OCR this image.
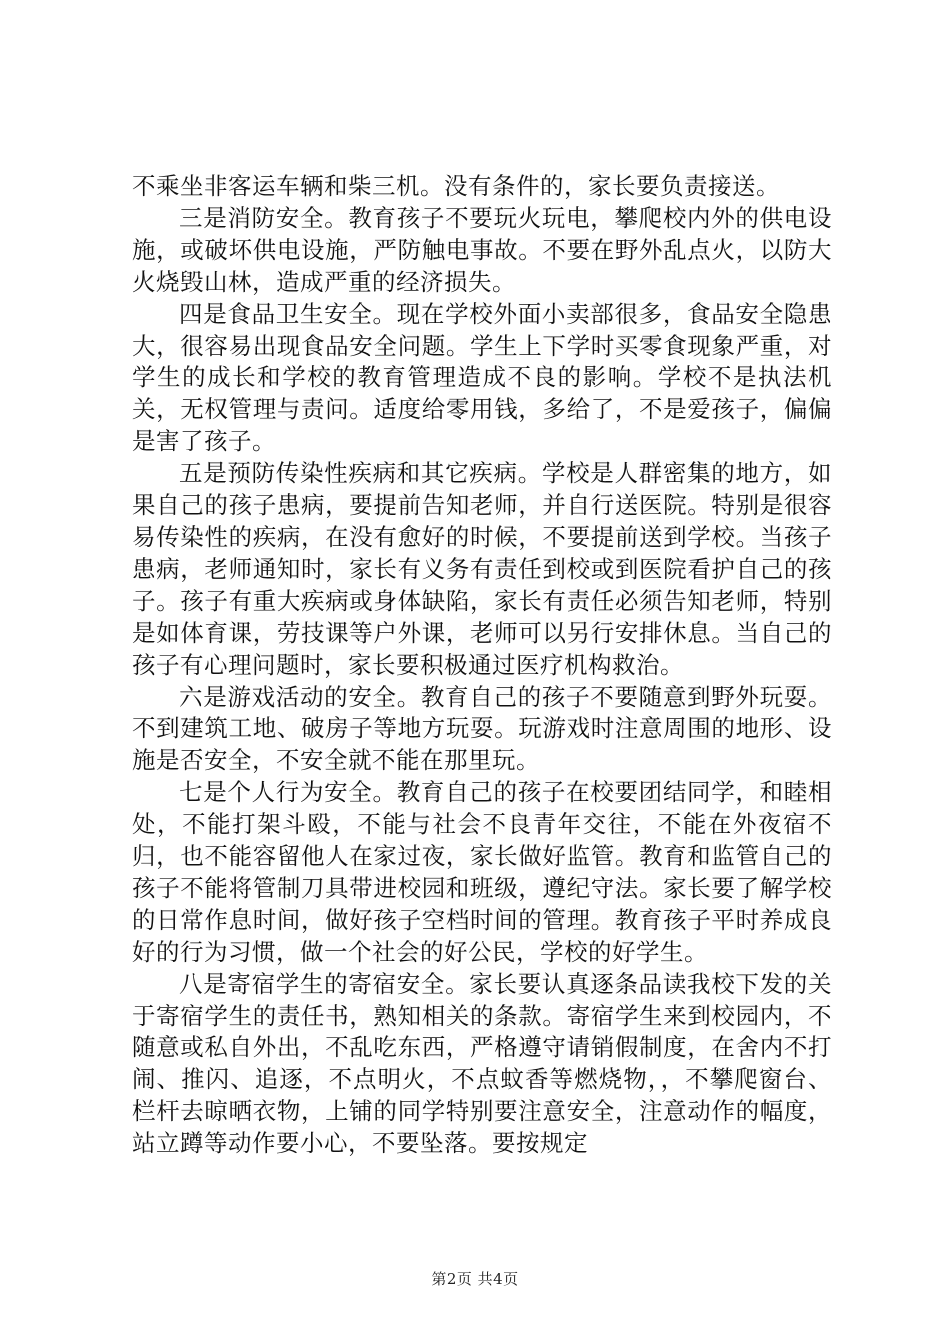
不乘坐非客运车辆和柴三机。没有条件的，家长要负责接送。

三是消防安全。教育孩子不要玩火玩电，攀爬校内外的供电设施，或破坏供电设施，严防触电事故。不要在野外乱点火，以防大火烧毁山林，造成严重的经济损失。

四是食品卫生安全。现在学校外面小卖部很多，食品安全隐患大，很容易出现食品安全问题。学生上下学时买零食现象严重，对学生的成长和学校的教育管理造成不良的影响。学校不是执法机关，无权管理与责问。适度给零用钱，多给了，不是爱孩子，偏偏是害了孩子。

五是预防传染性疾病和其它疾病。学校是人群密集的地方，如果自己的孩子患病，要提前告知老师，并自行送医院。特别是很容易传染性的疾病，在没有愈好的时候，不要提前送到学校。当孩子患病，老师通知时，家长有义务有责任到校或到医院看护自己的孩子。孩子有重大疾病或身体缺陷，家长有责任必须告知老师，特别是如体育课，劳技课等户外课，老师可以另行安排休息。当自己的孩子有心理问题时，家长要积极通过医疗机构救治。

六是游戏活动的安全。教育自己的孩子不要随意到野外玩耍。不到建筑工地、破房子等地方玩耍。玩游戏时注意周围的地形、设施是否安全，不安全就不能在那里玩。

七是个人行为安全。教育自己的孩子在校要团结同学，和睦相处，不能打架斗殴，不能与社会不良青年交往，不能在外夜宿不归，也不能容留他人在家过夜，家长做好监管。教育和监管自己的孩子不能将管制刀具带进校园和班级，遵纪守法。家长要了解学校的日常作息时间，做好孩子空档时间的管理。教育孩子平时养成良好的行为习惯，做一个社会的好公民，学校的好学生。

八是寄宿学生的寄宿安全。家长要认真逐条品读我校下发的关于寄宿学生的责任书，熟知相关的条款。寄宿学生来到校园内，不随意或私自外出，不乱吃东西，严格遵守请销假制度，在舍内不打闹、推闪、追逐，不点明火，不点蚊香等燃烧物，，不攀爬窗台、栏杆去晾晒衣物，上铺的同学特别要注意安全，注意动作的幅度，站立蹲等动作要小心，不要坠落。要按规定

第2页 共4页
